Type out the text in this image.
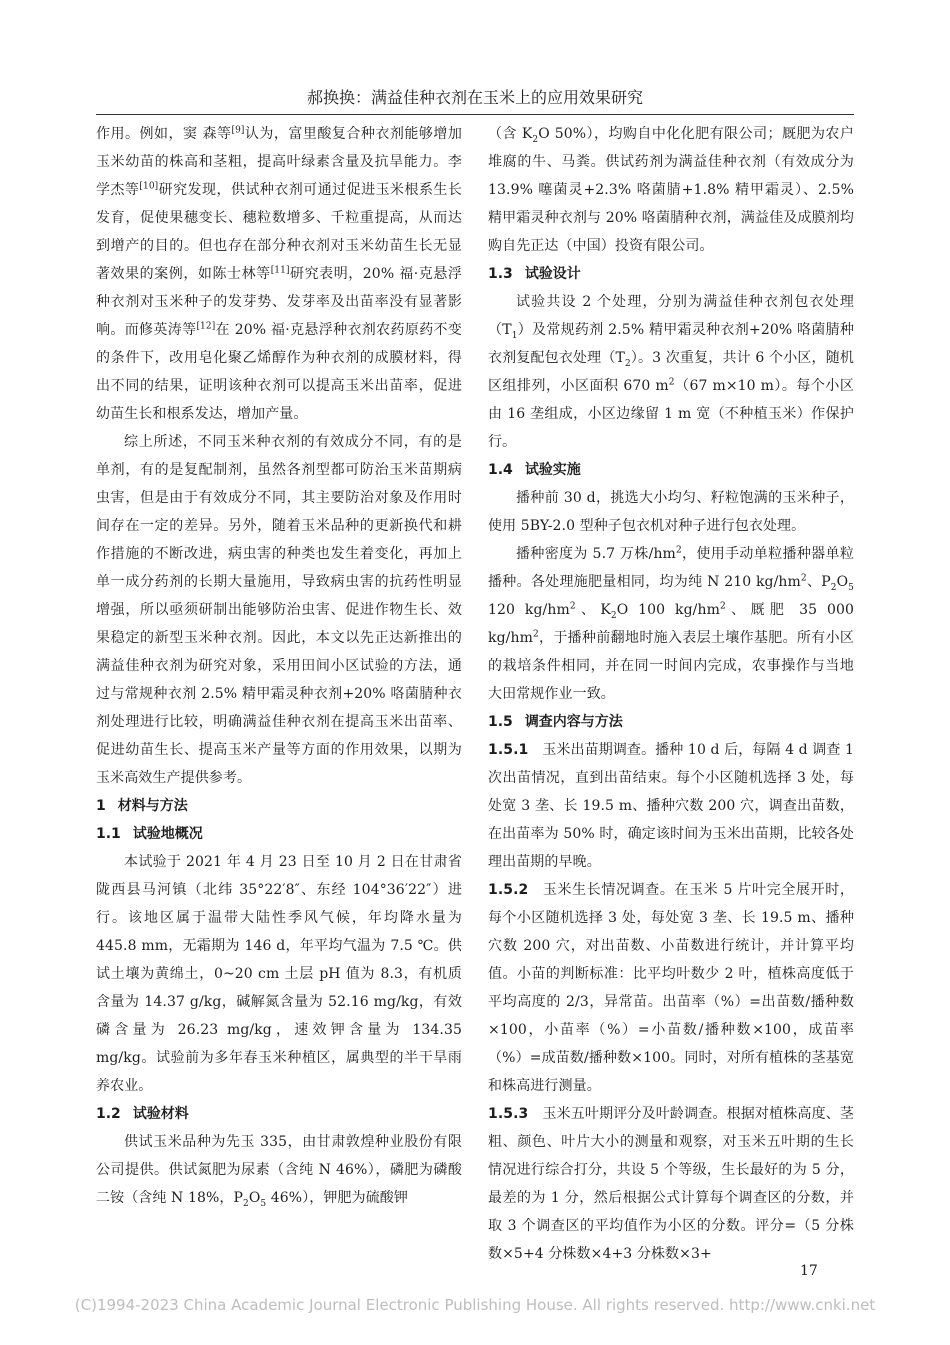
郝换换：满益佳种衣剂在玉米上的应用效果研究

作用。例如，窦 森等[9]认为，富里酸复合种衣剂能够增加玉米幼苗的株高和茎粗，提高叶绿素含量及抗旱能力。李学杰等[10]研究发现，供试种衣剂可通过促进玉米根系生长发育，促使果穗变长、穗粒数增多、千粒重提高，从而达到增产的目的。但也存在部分种衣剂对玉米幼苗生长无显著效果的案例，如陈士林等[11]研究表明，20% 福·克悬浮种衣剂对玉米种子的发芽势、发芽率及出苗率没有显著影响。而修英涛等[12]在 20% 福·克悬浮种衣剂农药原药不变的条件下，改用皂化聚乙烯醇作为种衣剂的成膜材料，得出不同的结果，证明该种衣剂可以提高玉米出苗率，促进幼苗生长和根系发达，增加产量。

综上所述，不同玉米种衣剂的有效成分不同，有的是单剂，有的是复配制剂，虽然各剂型都可防治玉米苗期病虫害，但是由于有效成分不同，其主要防治对象及作用时间存在一定的差异。另外，随着玉米品种的更新换代和耕作措施的不断改进，病虫害的种类也发生着变化，再加上单一成分药剂的长期大量施用，导致病虫害的抗药性明显增强，所以亟须研制出能够防治虫害、促进作物生长、效果稳定的新型玉米种衣剂。因此，本文以先正达新推出的满益佳种衣剂为研究对象，采用田间小区试验的方法，通过与常规种衣剂 2.5% 精甲霜灵种衣剂+20% 咯菌腈种衣剂处理进行比较，明确满益佳种衣剂在提高玉米出苗率、促进幼苗生长、提高玉米产量等方面的作用效果，以期为玉米高效生产提供参考。

1 材料与方法
1.1 试验地概况

本试验于 2021 年 4 月 23 日至 10 月 2 日在甘肃省陇西县马河镇（北纬 35°22′8″、东经 104°36′22″）进行。该地区属于温带大陆性季风气候，年均降水量为 445.8 mm，无霜期为 146 d，年平均气温为 7.5 ℃。供试土壤为黄绵土，0~20 cm 土层 pH 值为 8.3，有机质含量为 14.37 g/kg，碱解氮含量为 52.16 mg/kg，有效磷含量为 26.23 mg/kg，速效钾含量为 134.35 mg/kg。试验前为多年春玉米种植区，属典型的半干旱雨养农业。

1.2 试验材料

供试玉米品种为先玉 335，由甘肃敦煌种业股份有限公司提供。供试氮肥为尿素（含纯 N 46%），磷肥为磷酸二铵（含纯 N 18%，$P_2O_5$ 46%），钾肥为硫酸钾

（含 $K_2O$ 50%），均购自中化化肥有限公司；厩肥为农户堆腐的牛、马粪。供试药剂为满益佳种衣剂（有效成分为 13.9% 噻菌灵+2.3% 咯菌腈+1.8% 精甲霜灵）、2.5% 精甲霜灵种衣剂与 20% 咯菌腈种衣剂，满益佳及成膜剂均购自先正达（中国）投资有限公司。

1.3 试验设计

试验共设 2 个处理，分别为满益佳种衣剂包衣处理$(T_1)$及常规药剂 2.5% 精甲霜灵种衣剂+20% 咯菌腈种衣剂复配包衣处理$(T_2)$。3 次重复，共计 6 个小区，随机区组排列，小区面积 670 $m^2(67$ m×10 m）。每个小区由 16 垄组成，小区边缘留 1 m 宽（不种植玉米）作保护行。

1.4 试验实施

播种前 30 d，挑选大小均匀、籽粒饱满的玉米种子，使用 5BY-2.0 型种子包衣机对种子进行包衣处理。

播种密度为 5.7 万株$/hm^2$，使用手动单粒播种器单粒播种。各处理施肥量相同，均为纯 N 210 $kg/hm^2$、$P_2O_5$ 120 $kg/hm^2$、$K_2O$ 100 $kg/hm^2$、厩肥 35 000 $kg/hm^2$，于播种前翻地时施入表层土壤作基肥。所有小区的栽培条件相同，并在同一时间内完成，农事操作与当地大田常规作业一致。

1.5 调查内容与方法

1.5.1 玉米出苗期调查。播种 10 d 后，每隔 4 d 调查 1 次出苗情况，直到出苗结束。每个小区随机选择 3 处，每处宽 3 垄、长 19.5 m、播种穴数 200 穴，调查出苗数，在出苗率为 50% 时，确定该时间为玉米出苗期，比较各处理出苗期的早晚。

1.5.2 玉米生长情况调查。在玉米 5 片叶完全展开时，每个小区随机选择 3 处，每处宽 3 垄、长 19.5 m、播种穴数 200 穴，对出苗数、小苗数进行统计，并计算平均值。小苗的判断标准：比平均叶数少 2 叶，植株高度低于平均高度的 2/3，异常苗。出苗率（%）=出苗数/播种数×100，小苗率（%）=小苗数/播种数×100，成苗率（%）=成苗数/播种数×100。同时，对所有植株的茎基宽和株高进行测量。

1.5.3 玉米五叶期评分及叶龄调查。根据对植株高度、茎粗、颜色、叶片大小的测量和观察，对玉米五叶期的生长情况进行综合打分，共设 5 个等级，生长最好的为 5 分，最差的为 1 分，然后根据公式计算每个调查区的分数，并取 3 个调查区的平均值作为小区的分数。评分=（5 分株数×5+4 分株数×4+3 分株数×3+

17
(C)1994-2023 China Academic Journal Electronic Publishing House. All rights reserved. http://www.cnki.net
